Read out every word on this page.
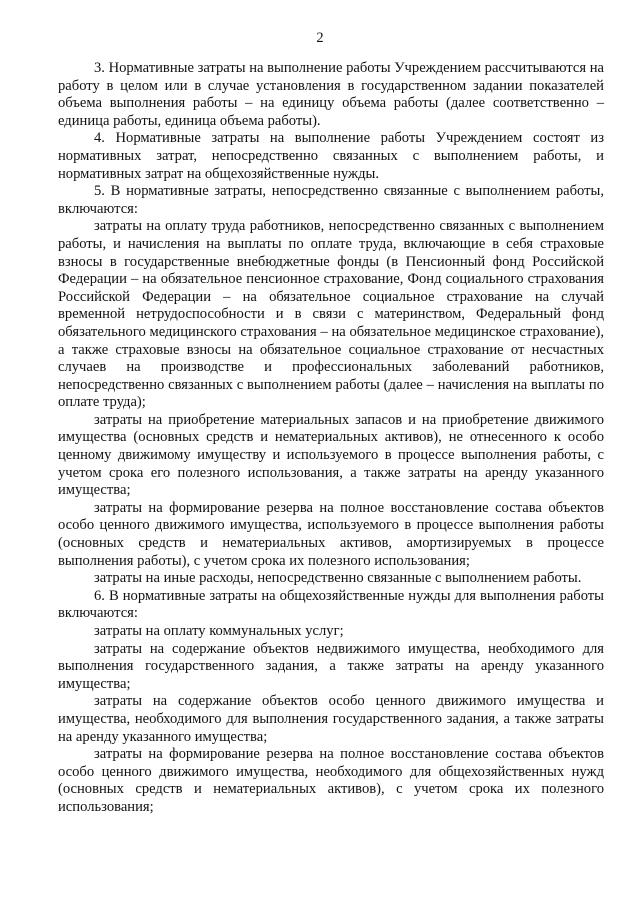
2

3. Нормативные затраты на выполнение работы Учреждением рассчитываются на работу в целом или в случае установления в государственном задании показателей объема выполнения работы – на единицу объема работы (далее соответственно – единица работы, единица объема работы).

4. Нормативные затраты на выполнение работы Учреждением состоят из нормативных затрат, непосредственно связанных с выполнением работы, и нормативных затрат на общехозяйственные нужды.

5. В нормативные затраты, непосредственно связанные с выполнением работы, включаются:

затраты на оплату труда работников, непосредственно связанных с выполнением работы, и начисления на выплаты по оплате труда, включающие в себя страховые взносы в государственные внебюджетные фонды (в Пенсионный фонд Российской Федерации – на обязательное пенсионное страхование, Фонд социального страхования Российской Федерации – на обязательное социальное страхование на случай временной нетрудоспособности и в связи с материнством, Федеральный фонд обязательного медицинского страхования – на обязательное медицинское страхование), а также страховые взносы на обязательное социальное страхование от несчастных случаев на производстве и профессиональных заболеваний работников, непосредственно связанных с выполнением работы (далее – начисления на выплаты по оплате труда);

затраты на приобретение материальных запасов и на приобретение движимого имущества (основных средств и нематериальных активов), не отнесенного к особо ценному движимому имуществу и используемого в процессе выполнения работы, с учетом срока его полезного использования, а также затраты на аренду указанного имущества;

затраты на формирование резерва на полное восстановление состава объектов особо ценного движимого имущества, используемого в процессе выполнения работы (основных средств и нематериальных активов, амортизируемых в процессе выполнения работы), с учетом срока их полезного использования;

затраты на иные расходы, непосредственно связанные с выполнением работы.

6. В нормативные затраты на общехозяйственные нужды для выполнения работы включаются:

затраты на оплату коммунальных услуг;

затраты на содержание объектов недвижимого имущества, необходимого для выполнения государственного задания, а также затраты на аренду указанного имущества;

затраты на содержание объектов особо ценного движимого имущества и имущества, необходимого для выполнения государственного задания, а также затраты на аренду указанного имущества;

затраты на формирование резерва на полное восстановление состава объектов особо ценного движимого имущества, необходимого для общехозяйственных нужд (основных средств и нематериальных активов), с учетом срока их полезного использования;
